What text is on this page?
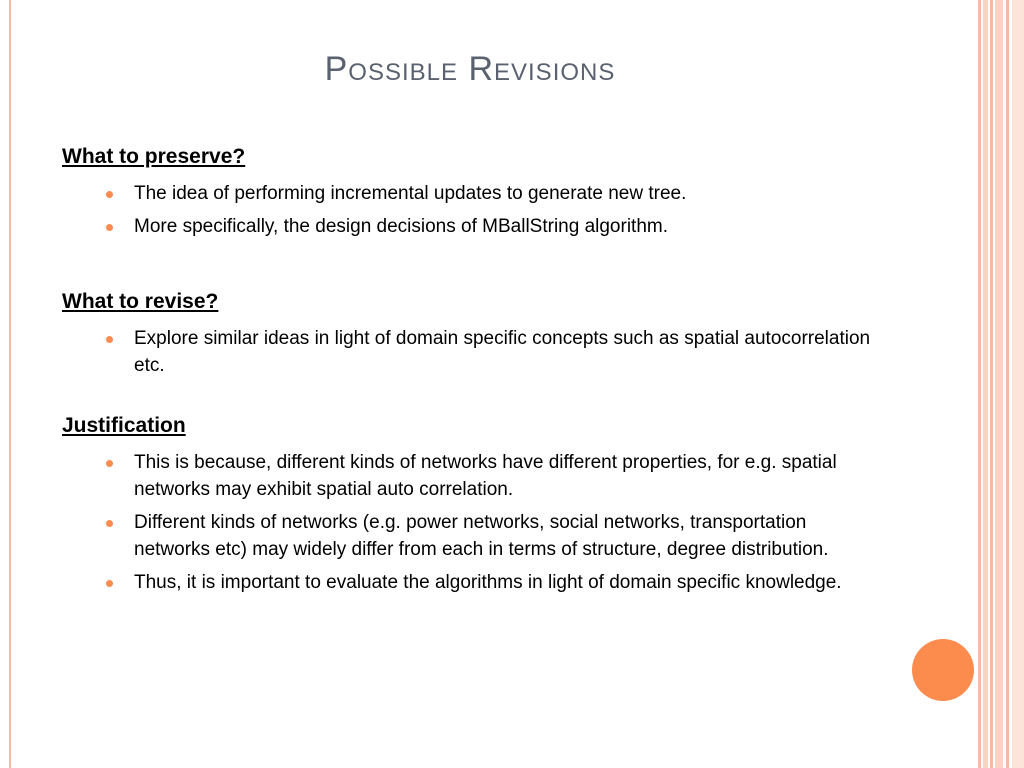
Possible Revisions
What to preserve?
The idea of performing incremental updates to generate new tree.
More specifically, the design decisions of MBallString algorithm.
What to revise?
Explore similar ideas in light of domain specific concepts such as spatial autocorrelation etc.
Justification
This is because, different kinds of networks have different properties, for e.g. spatial networks may exhibit spatial auto correlation.
Different kinds of networks (e.g. power networks, social networks, transportation networks etc) may widely differ from each in terms of structure, degree distribution.
Thus, it is important to evaluate the algorithms in light of domain specific knowledge.
